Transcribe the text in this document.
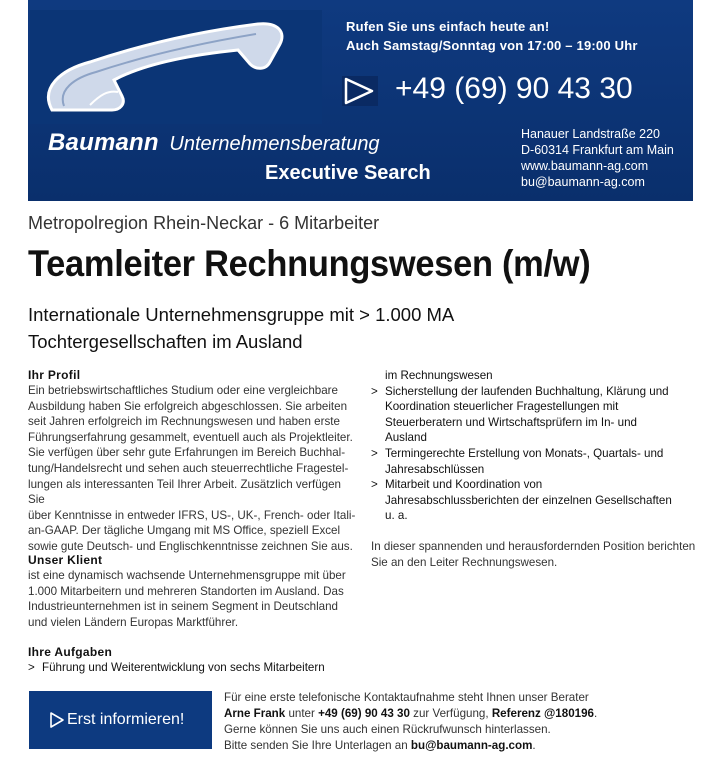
Rufen Sie uns einfach heute an!
Auch Samstag/Sonntag von 17:00 – 19:00 Uhr
+49 (69) 90 43 30
Baumann Unternehmensberatung
Executive Search
Hanauer Landstraße 220
D-60314 Frankfurt am Main
www.baumann-ag.com
bu@baumann-ag.com
Metropolregion Rhein-Neckar - 6 Mitarbeiter
Teamleiter Rechnungswesen (m/w)
Internationale Unternehmensgruppe mit > 1.000 MA
Tochtergesellschaften im Ausland
Ihr Profil

Ein betriebswirtschaftliches Studium oder eine vergleichbare
Ausbildung haben Sie erfolgreich abgeschlossen. Sie arbeiten
seit Jahren erfolgreich im Rechnungswesen und haben erste
Führungserfahrung gesammelt, eventuell auch als Projektleiter.
Sie verfügen über sehr gute Erfahrungen im Bereich Buchhal-
tung/Handelsrecht und sehen auch steuerrechtliche Fragestel-
lungen als interessanten Teil Ihrer Arbeit. Zusätzlich verfügen Sie
über Kenntnisse in entweder IFRS, US-, UK-, French- oder Itali-
an-GAAP. Der tägliche Umgang mit MS Office, speziell Excel
sowie gute Deutsch- und Englischkenntnisse zeichnen Sie aus.

Unser Klient

ist eine dynamisch wachsende Unternehmensgruppe mit über
1.000 Mitarbeitern und mehreren Standorten im Ausland. Das
Industrieunternehmen ist in seinem Segment in Deutschland
und vielen Ländern Europas Marktführer.

Ihre Aufgaben
> Führung und Weiterentwicklung von sechs Mitarbeitern
im Rechnungswesen
> Sicherstellung der laufenden Buchhaltung, Klärung und
Koordination steuerlicher Fragestellungen mit
Steuerberatern und Wirtschaftsprüfern im In- und
Ausland
> Termingerechte Erstellung von Monats-, Quartals- und
Jahresabschlüssen
> Mitarbeit und Koordination von
Jahresabschlussberichten der einzelnen Gesellschaften
u. a.

In dieser spannenden und herausfordernden Position berichten
Sie an den Leiter Rechnungswesen.

Erst informieren!
Für eine erste telefonische Kontaktaufnahme steht Ihnen unser Berater
Arne Frank unter +49 (69) 90 43 30 zur Verfügung, Referenz @180196.
Gerne können Sie uns auch einen Rückrufwunsch hinterlassen.
Bitte senden Sie Ihre Unterlagen an bu@baumann-ag.com.
